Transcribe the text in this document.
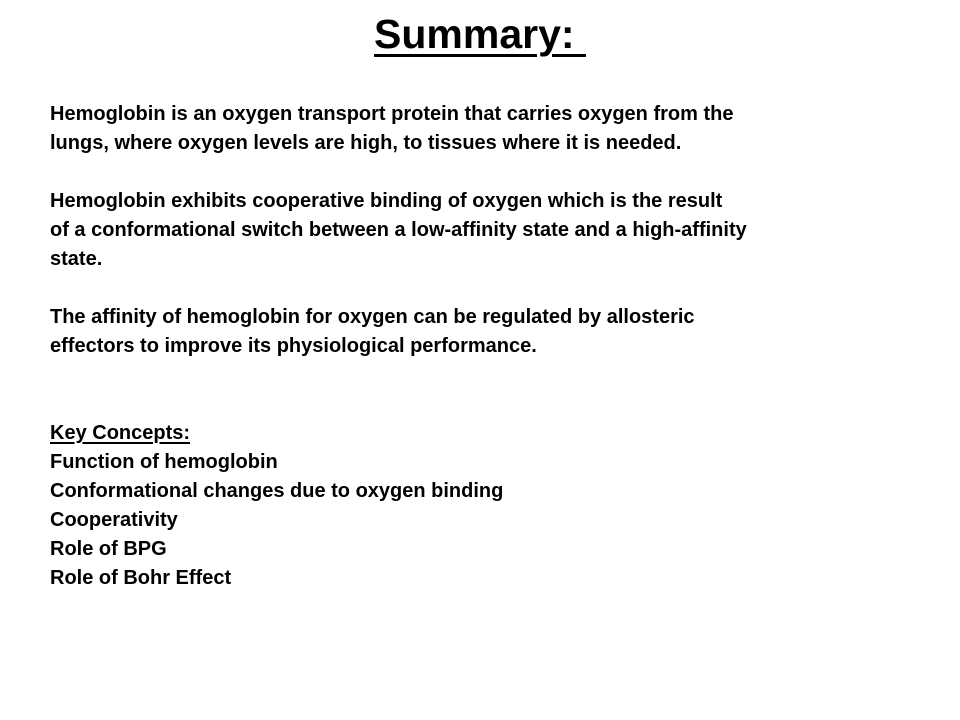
Summary:
Hemoglobin is an oxygen transport protein that carries oxygen from the
lungs, where oxygen levels are high, to tissues where it is needed.
Hemoglobin exhibits cooperative binding of oxygen which is the result
of a conformational switch between a low-affinity state and a high-affinity
state.
The affinity of hemoglobin for oxygen can be regulated by allosteric
effectors to improve its physiological performance.
Key Concepts:
Function of hemoglobin
Conformational changes due to oxygen binding
Cooperativity
Role of BPG
Role of Bohr Effect
